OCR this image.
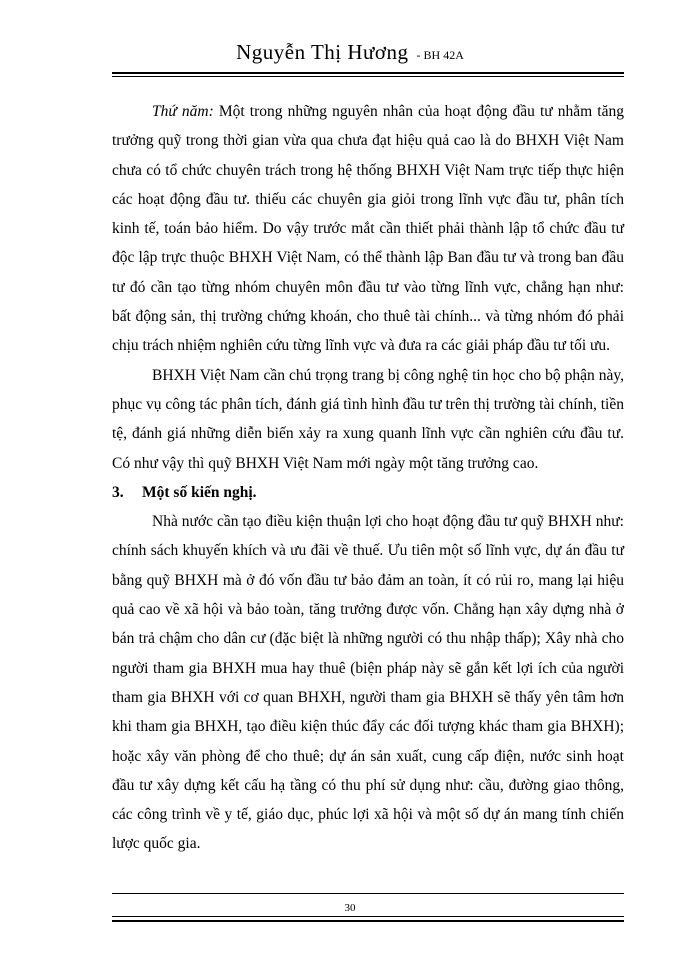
Nguyễn Thị Hương - BH 42A

Thứ năm: Một trong những nguyên nhân của hoạt động đầu tư nhằm tăng trưởng quỹ trong thời gian vừa qua chưa đạt hiệu quả cao là do BHXH Việt Nam chưa có tổ chức chuyên trách trong hệ thống BHXH Việt Nam trực tiếp thực hiện các hoạt động đầu tư. thiếu các chuyên gia giỏi trong lĩnh vực đầu tư, phân tích kinh tế, toán bảo hiểm. Do vậy trước mắt cần thiết phải thành lập tổ chức đầu tư độc lập trực thuộc BHXH Việt Nam, có thể thành lập Ban đầu tư và trong ban đầu tư đó cần tạo từng nhóm chuyên môn đầu tư vào từng lĩnh vực, chẳng hạn như: bất động sản, thị trường chứng khoán, cho thuê tài chính... và từng nhóm đó phải chịu trách nhiệm nghiên cứu từng lĩnh vực và đưa ra các giải pháp đầu tư tối ưu.

BHXH Việt Nam cần chú trọng trang bị công nghệ tin học cho bộ phận này, phục vụ công tác phân tích, đánh giá tình hình đầu tư trên thị trường tài chính, tiền tệ, đánh giá những diễn biến xảy ra xung quanh lĩnh vực cần nghiên cứu đầu tư. Có như vậy thì quỹ BHXH Việt Nam mới ngày một tăng trưởng cao.

3. Một số kiến nghị.

Nhà nước cần tạo điều kiện thuận lợi cho hoạt động đầu tư quỹ BHXH như: chính sách khuyến khích và ưu đãi về thuế. Ưu tiên một số lĩnh vực, dự án đầu tư bằng quỹ BHXH mà ở đó vốn đầu tư bảo đảm an toàn, ít có rủi ro, mang lại hiệu quả cao về xã hội và bảo toàn, tăng trưởng được vốn. Chẳng hạn xây dựng nhà ở bán trả chậm cho dân cư (đặc biệt là những người có thu nhập thấp); Xây nhà cho người tham gia BHXH mua hay thuê (biện pháp này sẽ gắn kết lợi ích của người tham gia BHXH với cơ quan BHXH, người tham gia BHXH sẽ thấy yên tâm hơn khi tham gia BHXH, tạo điều kiện thúc đẩy các đối tượng khác tham gia BHXH); hoặc xây văn phòng để cho thuê; dự án sản xuất, cung cấp điện, nước sinh hoạt đầu tư xây dựng kết cấu hạ tầng có thu phí sử dụng như: cầu, đường giao thông, các công trình về y tế, giáo dục, phúc lợi xã hội và một số dự án mang tính chiến lược quốc gia.

30
